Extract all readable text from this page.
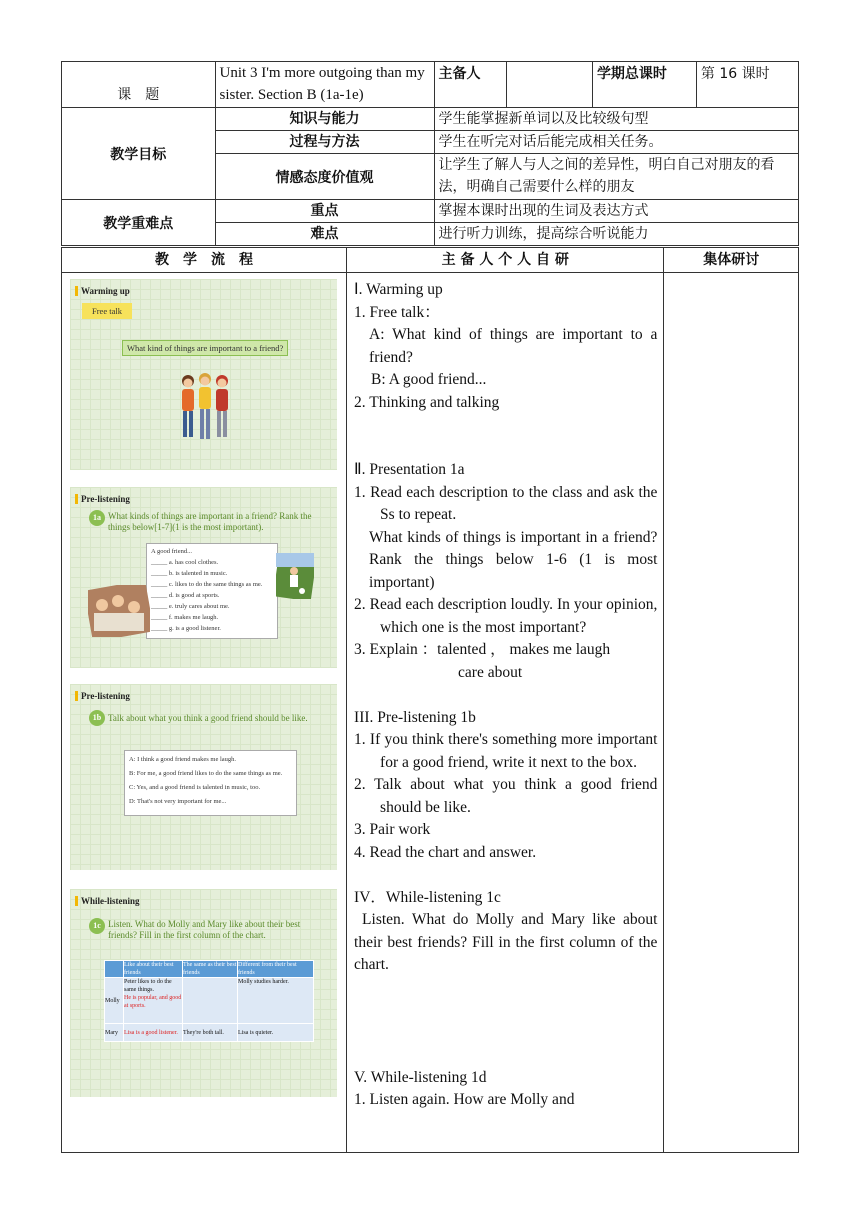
课　题	Unit 3 I'm more outgoing than my sister. Section B (1a-1e)	主备人		学期总课时	第 16 课时
教学目标	知识与能力	学生能掌握新单词以及比较级句型			
	过程与方法	学生在听完对话后能完成相关任务。			
	情感态度价值观	让学生了解人与人之间的差异性，明白自己对朋友的看法，明确自己需要什么样的朋友			
教学重难点	重点	掌握本课时出现的生词及表达方式			
	难点	进行听力训练，提高综合听说能力			
教　学　流　程	主 备 人 个 人 自 研	集体研讨

Warming up
Free talk
What kind of things are important to a friend?
Pre-listening
1a What kinds of things are important in a friend? Rank the things below[1-7](1 is the most important).
A good friend...
_____ a. has cool clothes.
_____ b. is talented in music.
_____ c. likes to do the same things as me.
_____ d. is good at sports.
_____ e. truly cares about me.
_____ f. makes me laugh.
_____ g. is a good listener.
Pre-listening
1b Talk about what you think a good friend should be like.
A: I think a good friend makes me laugh.
B: For me, a good friend likes to do the same things as me.
C: Yes, and a good friend is talented in music, too.
D: That's not very important for me...
While-listening
1c Listen. What do Molly and Mary like about their best friends? Fill in the first column of the chart.
	Like about their best friends	The same as their best friends	Different from their best friends
Molly	Peter likes to do the same things.
He is popular, and good at sports.		Molly studies harder.
Mary	Lisa is a good listener.	They're both tall.	Lisa is quieter.

Ⅰ. Warming up

1. Free talk：

A: What kind of things are important to a friend?

B: A good friend...

2. Thinking and talking

Ⅱ. Presentation 1a

1. Read each description to the class and ask the Ss to repeat.

What kinds of things is important in a friend? Rank the things below 1-6 (1 is most important)

2. Read each description loudly. In your opinion, which one is the most important?

3. Explain ：talented ， makes me laugh

care about

III. Pre-listening 1b

1. If you think there's something more important for a good friend, write it next to the box.

2. Talk about what you think a good friend should be like.

3. Pair work

4. Read the chart and answer.

IV．While-listening 1c

Listen. What do Molly and Mary like about their best friends? Fill in the first column of the chart.

V. While-listening 1d

1. Listen again. How are Molly and
